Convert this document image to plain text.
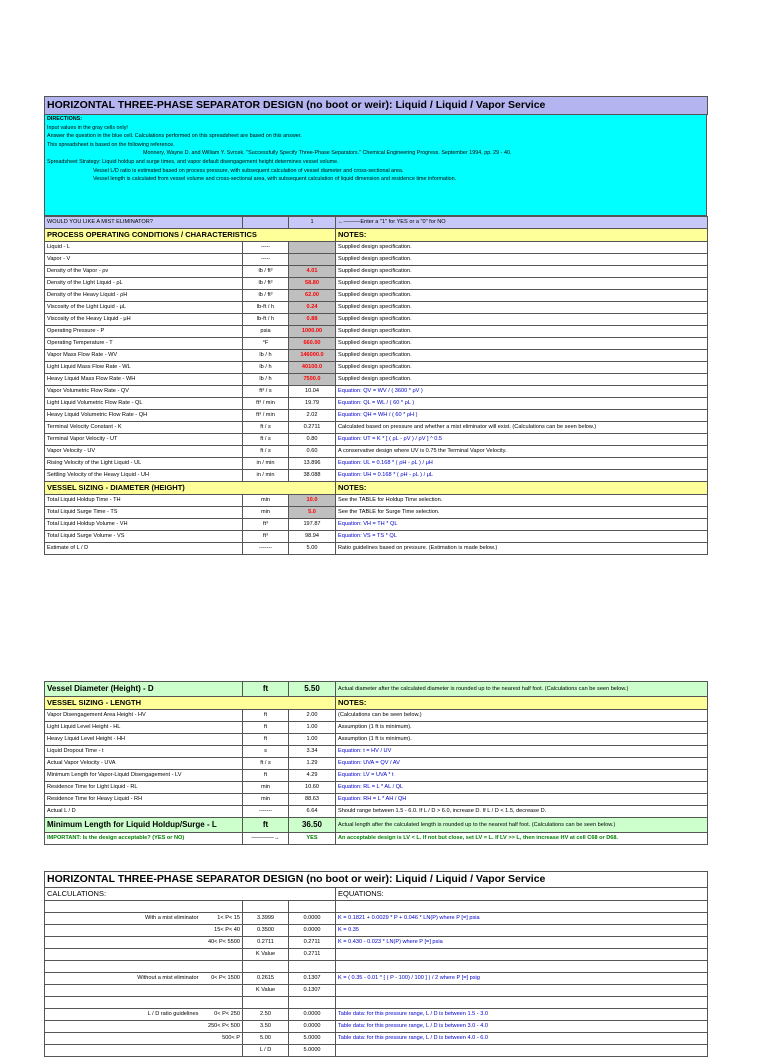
HORIZONTAL THREE-PHASE SEPARATOR DESIGN (no boot or weir): Liquid / Liquid / Vapor Service
DIRECTIONS:
Input values in the gray cells only!
Answer the question in the blue cell. Calculations performed on this spreadsheet are based on this answer.
This spreadsheet is based on the following reference.
Monnery, Wayne D. and William Y. Svrcek. "Successfully Specify Three-Phase Separators." Chemical Engineering Progress. September 1994, pp. 29 - 40.
Spreadsheet Strategy: Liquid holdup and surge times, and vapor default disengagement height determines vessel volume.
Vessel L/D ratio is estimated based on process pressure, with subsequent calculation of vessel diameter and cross-sectional area.
Vessel length is calculated from vessel volume and cross-sectional area, with subsequent calculation of liquid dimension and residence time information.
WOULD YOU LIKE A MIST ELIMINATOR?		1	←———Enter a "1" for YES or a "0" for NO
PROCESS OPERATING CONDITIONS / CHARACTERISTICS			NOTES:
Liquid - L	-----		Supplied design specification.
Vapor - V	-----		Supplied design specification.
Density of the Vapor - ρv	lb / ft³	4.01	Supplied design specification.
Density of the Light Liquid - ρL	lb / ft³	58.80	Supplied design specification.
Density of the Heavy Liquid - ρH	lb / ft³	62.00	Supplied design specification.
Viscosity of the Light Liquid - μL	lb-ft / h	0.24	Supplied design specification.
Viscosity of the Heavy Liquid - μH	lb-ft / h	0.88	Supplied design specification.
Operating Pressure - P	psia	1000.00	Supplied design specification.
Operating Temperature - T	°F	660.00	Supplied design specification.
Vapor Mass Flow Rate - WV	lb / h	146000.0	Supplied design specification.
Light Liquid Mass Flow Rate - WL	lb / h	40100.0	Supplied design specification.
Heavy Liquid Mass Flow Rate - WH	lb / h	7500.0	Supplied design specification.
Vapor Volumetric Flow Rate - QV	ft³ / s	10.04	Equation: QV = WV / ( 3600 * ρV )
Light Liquid Volumetric Flow Rate - QL	ft³ / min	19.79	Equation: QL = WL / ( 60 * ρL )
Heavy Liquid Volumetric Flow Rate - QH	ft³ / min	2.02	Equation: QH = WH / ( 60 * ρH )
Terminal Velocity Constant - K	ft / s	0.2711	Calculated based on pressure and whether a mist eliminator will exist. (Calculations can be seen below.)
Terminal Vapor Velocity - UT	ft / s	0.80	Equation: UT = K * [ ( ρL - ρV ) / ρV ] ^ 0.5
Vapor Velocity - UV	ft / s	0.60	A conservative design where UV is 0.75 the Terminal Vapor Velocity.
Rising Velocity of the Light Liquid - UL	in / min	13.896	Equation: UL = 0.168 * ( ρH - ρL ) / μH
Settling Velocity of the Heavy Liquid - UH	in / min	38.088	Equation: UH = 0.168 * ( ρH - ρL ) / μL
VESSEL SIZING - DIAMETER (HEIGHT)			NOTES:
Total Liquid Holdup Time - TH	min	10.0	See the TABLE for Holdup Time selection.
Total Liquid Surge Time - TS	min	5.0	See the TABLE for Surge Time selection.
Total Liquid Holdup Volume - VH	ft³	197.87	Equation: VH = TH * QL
Total Liquid Surge Volume - VS	ft³	98.94	Equation: VS = TS * QL
Estimate of L / D	-------	5.00	Ratio guidelines based on pressure. (Estimation is made below.)
Vessel Diameter (Height) - D	ft	5.50	Actual diameter after the calculated diameter is rounded up to the nearest half foot. (Calculations can be seen below.)
VESSEL SIZING - LENGTH			NOTES:
Vapor Disengagement Area Height - HV	ft	2.00	(Calculations can be seen below.)
Light Liquid Level Height - HL	ft	1.00	Assumption (1 ft is minimum).
Heavy Liquid Level Height - HH	ft	1.00	Assumption (1 ft is minimum).
Liquid Dropout Time - t	s	3.34	Equation: t = HV / UV
Actual Vapor Velocity - UVA	ft / s	1.29	Equation: UVA = QV / AV
Minimum Length for Vapor-Liquid Disengagement - LV	ft	4.29	Equation: LV = UVA * t
Residence Time for Light Liquid - RL	min	10.60	Equation: RL = L * AL / QL
Residence Time for Heavy Liquid - RH	min	88.63	Equation: RH = L * AH / QH
Actual L / D	-------	6.64	Should range between 1.5 - 6.0. If L / D > 6.0, increase D. If L / D < 1.5, decrease D.
Minimum Length for Liquid Holdup/Surge - L	ft	36.50	Actual length after the calculated length is rounded up to the nearest half foot. (Calculations can be seen below.)
IMPORTANT: Is the design acceptable? (YES or NO)	————→	YES	An acceptable design is LV < L. If not but close, set LV = L. If LV >> L, then increase HV at cell C68 or D68.
HORIZONTAL THREE-PHASE SEPARATOR DESIGN (no boot or weir): Liquid / Liquid / Vapor Service			
CALCULATIONS:			EQUATIONS:

With a mist eliminator 1< P< 15	3.3999	0.0000	K = 0.1821 + 0.0029 * P + 0.046 * LN(P) where P [=] psia
15< P< 40	0.3500	0.0000	K = 0.35
40< P< 5500	0.2711	0.2711	K = 0.430 - 0.023 * LN(P) where P [=] psia
	K Value	0.2711	

Without a mist eliminator 0< P< 1500	0.2615	0.1307	K = ( 0.35 - 0.01 * [ ( P - 100) / 100 ] ) / 2 where P [=] psig
	K Value	0.1307	

L / D ratio guidelines 0< P< 250	2.50	0.0000	Table data: for this pressure range, L / D is between 1.5 - 3.0
250< P< 500	3.50	0.0000	Table data: for this pressure range, L / D is between 3.0 - 4.0
500< P	5.00	5.0000	Table data: for this pressure range, L / D is between 4.0 - 6.0
	L / D	5.0000	
